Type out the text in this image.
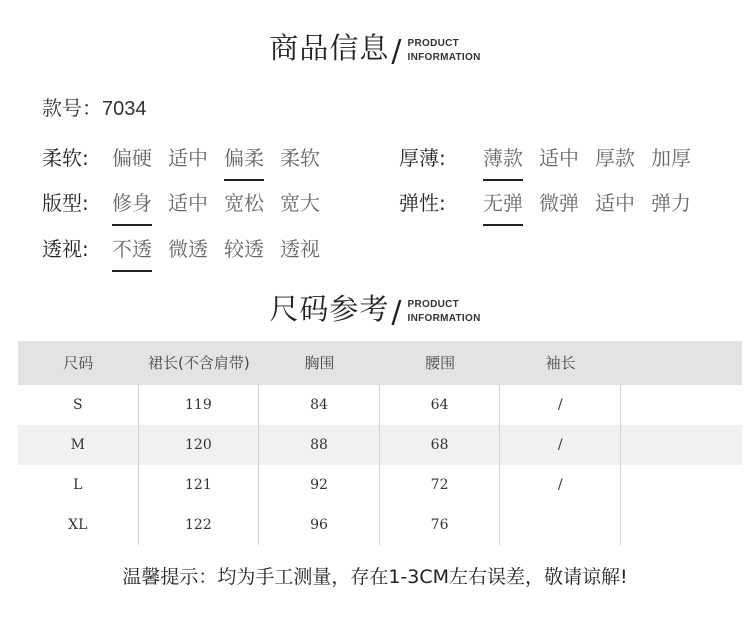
商品信息 / PRODUCT
INFORMATION
款号：7034
柔软:	偏硬 适中 偏柔 柔软	厚薄:	薄款 适中 厚款 加厚
版型:	修身 适中 宽松 宽大	弹性:	无弹 微弹 适中 弹力
透视:	不透 微透 较透 透视
尺码参考 / PRODUCT
INFORMATION
尺码	裙长(不含肩带)	胸围	腰围	袖长
S	119	84	64	/
M	120	88	68	/
L	121	92	72	/
XL	122	96	76
温馨提示：均为手工测量，存在1-3CM左右误差，敬请谅解!
